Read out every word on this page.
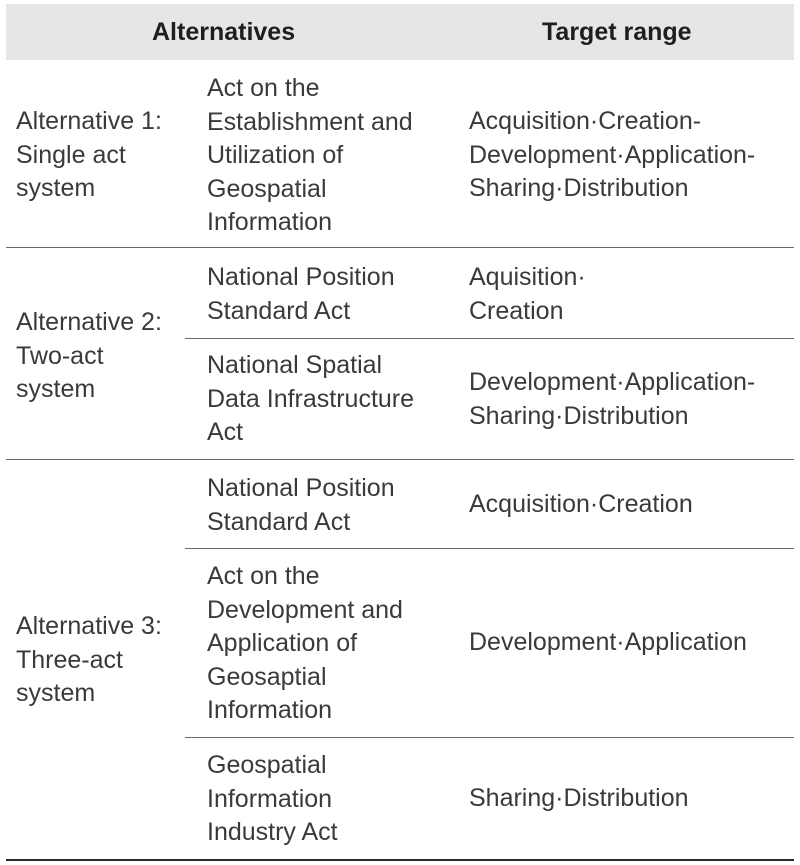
Alternatives	Target range
Alternative 1:
Single act
system
Act on the
Establishment and
Utilization of
Geospatial
Information
Acquisition·Creation-
Development·Application-
Sharing·Distribution
Alternative 2:
Two-act
system
National Position
Standard Act
Aquisition·
Creation
National Spatial
Data Infrastructure
Act
Development·Application-
Sharing·Distribution
Alternative 3:
Three-act
system
National Position
Standard Act
Acquisition·Creation
Act on the
Development and
Application of
Geosaptial
Information
Development·Application
Geospatial
Information
Industry Act
Sharing·Distribution
